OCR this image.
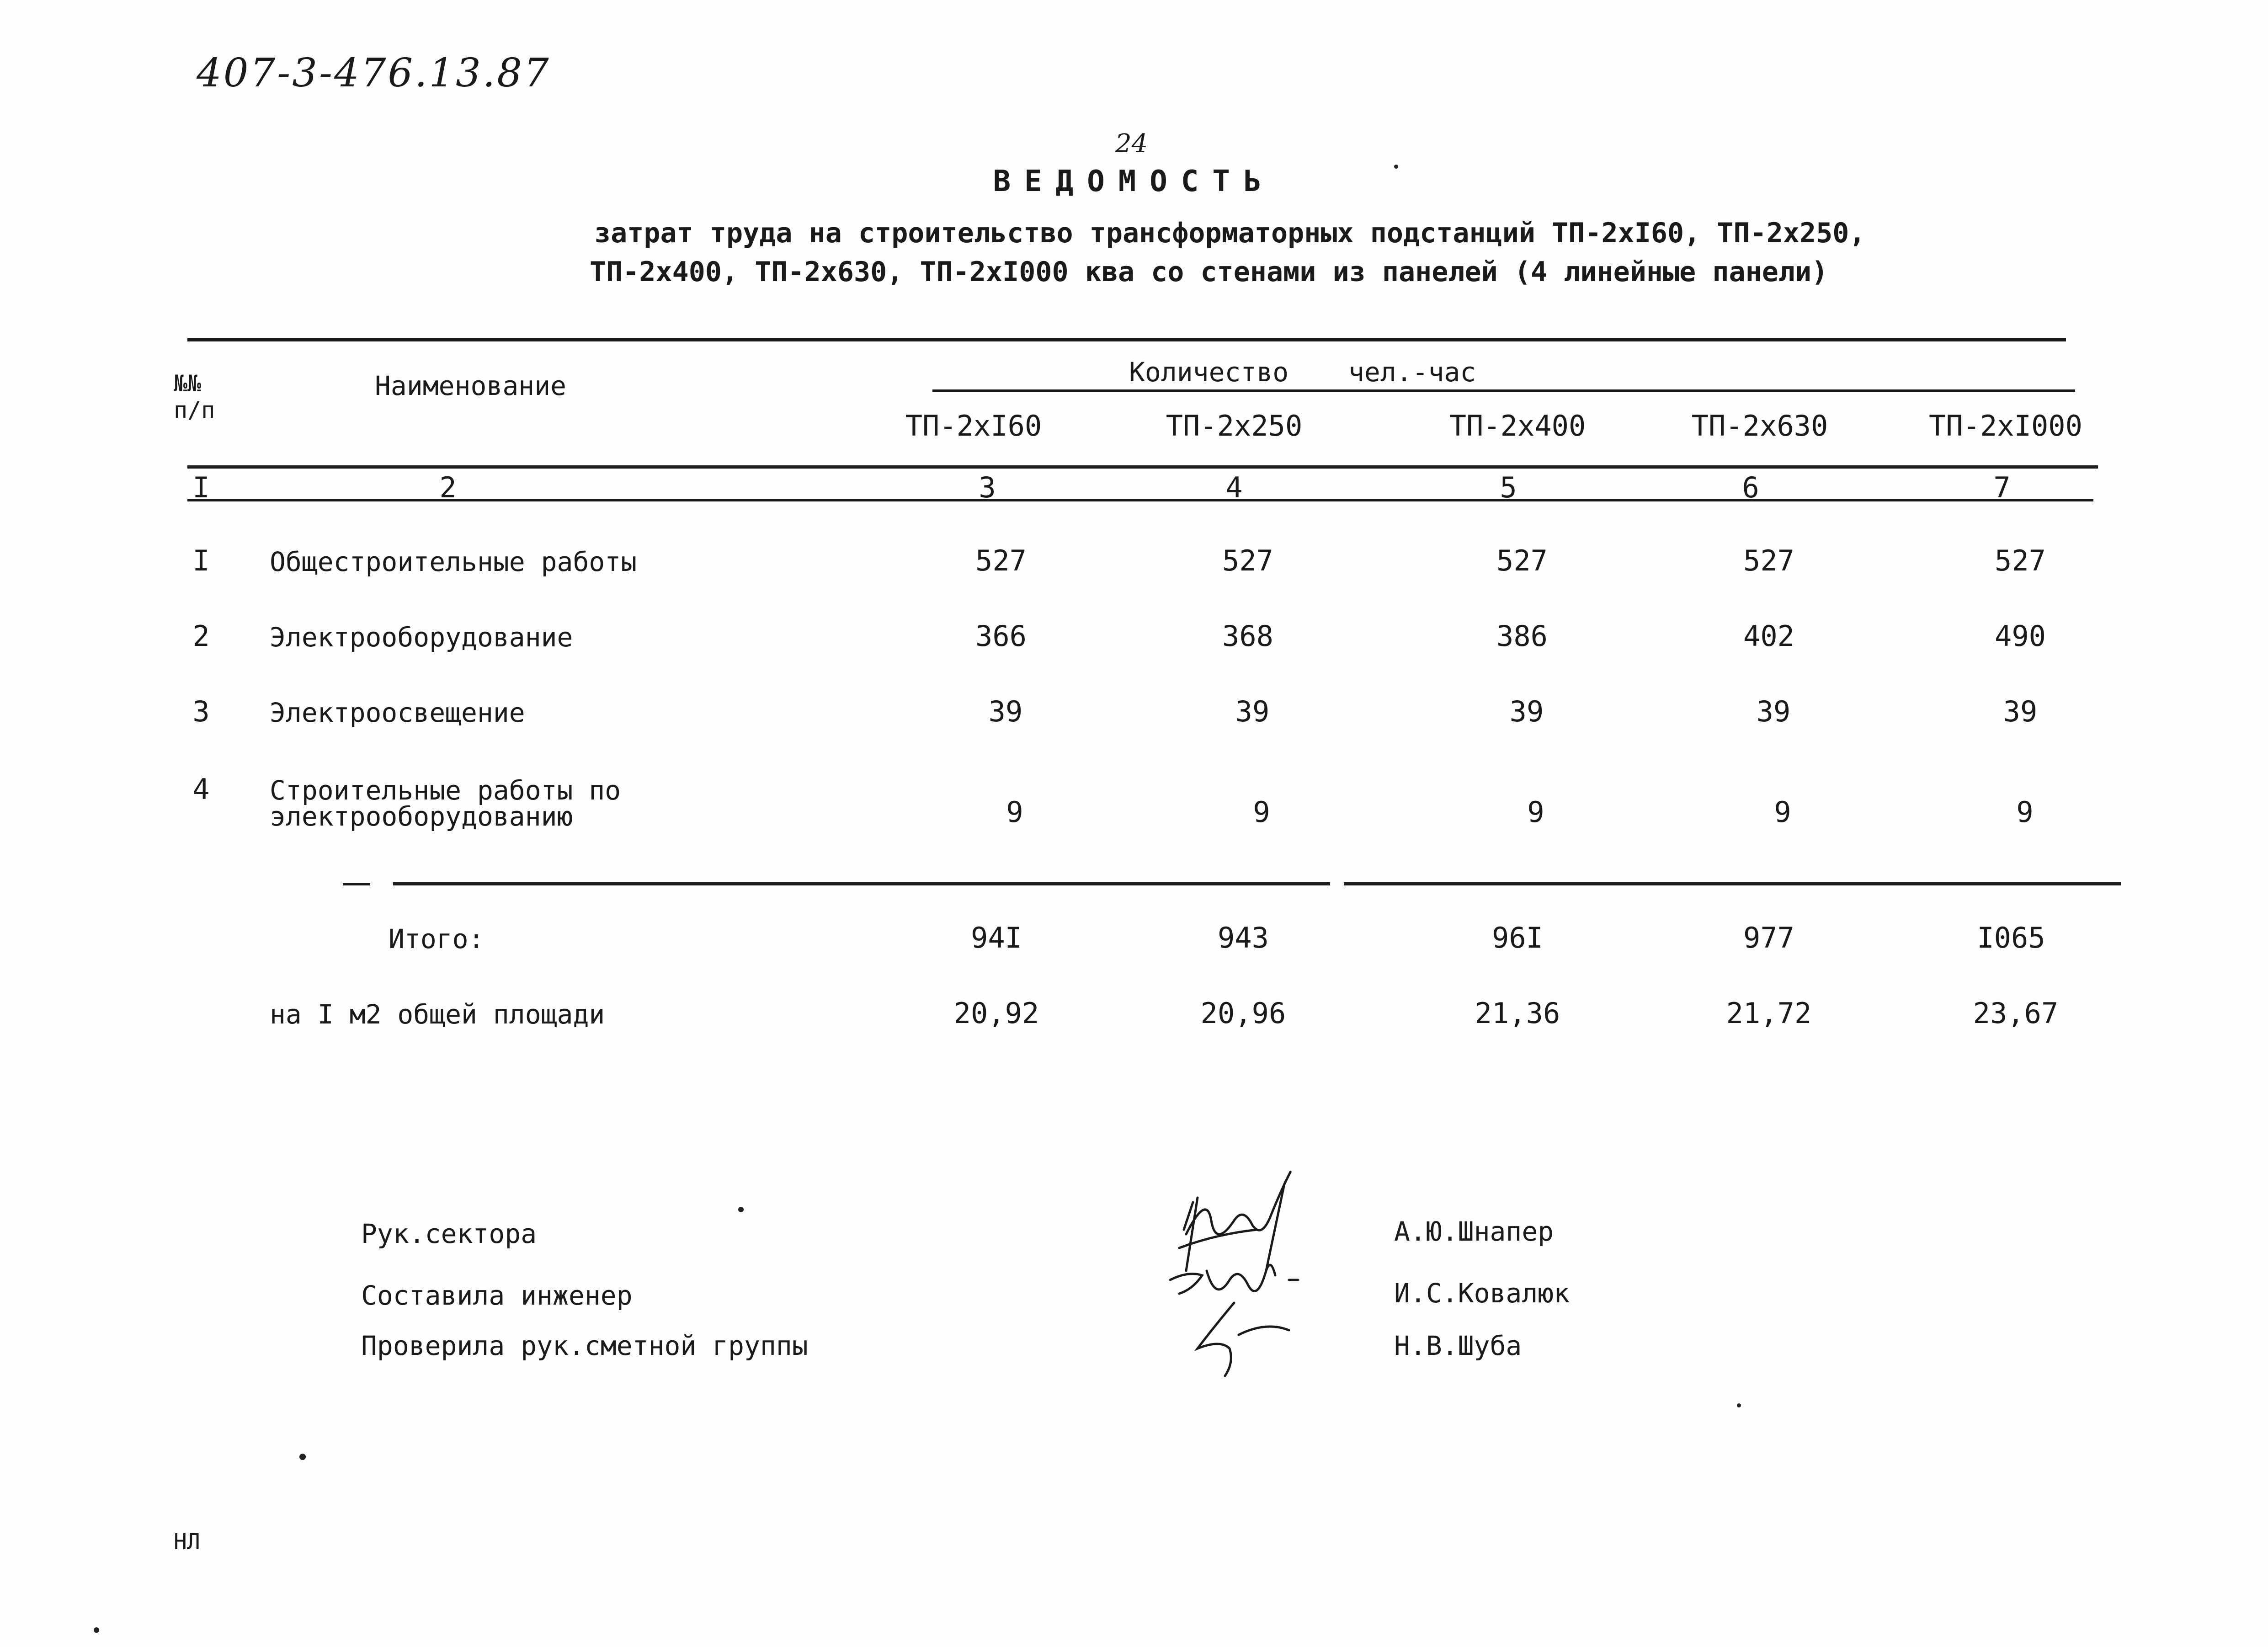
407-3-476.13.87
24
ВЕДОМОСТЬ
затрат труда на строительство трансформаторных подстанций ТП-2хI60, ТП-2х250,
ТП-2х400, ТП-2х630, ТП-2хI000 ква со стенами из панелей (4 линейные панели)
№№ п/п
Наименование	Количество чел.-час
ТП-2хI60	ТП-2х250	ТП-2х400	ТП-2х630	ТП-2хI000
I	2	3	4	5	6	7
I	Общестроительные работы	527	527	527	527	527
2	Электрооборудование	366	368	386	402	490
3	Электроосвещение	39	39	39	39	39
4	Строительные работы по
электрооборудованию	9	9	9	9	9
Итого:	94I	943	96I	977	I065
на I м2 общей площади	20,92	20,96	21,36	21,72	23,67
Рук.сектора
Составила инженер
Проверила рук.сметной группы
А.Ю.Шнапер
И.С.Ковалюк
Н.В.Шуба
НЛ
